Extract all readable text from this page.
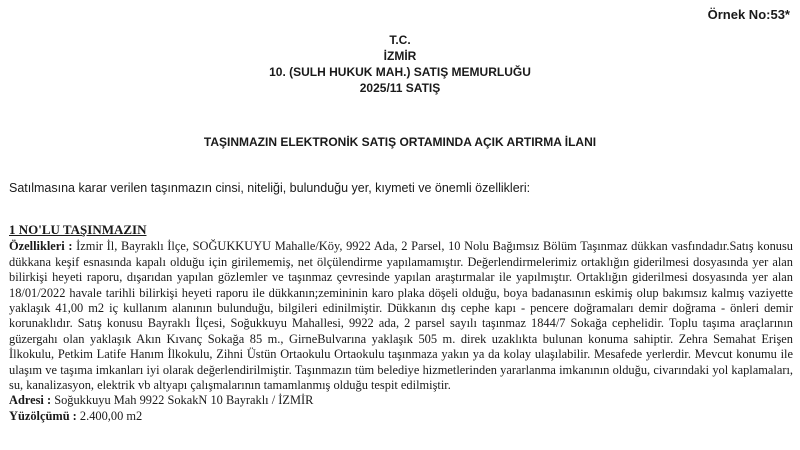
Örnek No:53*
T.C.
İZMİR
10. (SULH HUKUK MAH.) SATIŞ MEMURLUĞU
2025/11 SATIŞ
TAŞINMAZIN ELEKTRONİK SATIŞ ORTAMINDA AÇIK ARTIRMA İLANI
Satılmasına karar verilen taşınmazın cinsi, niteliği, bulunduğu yer, kıymeti ve önemli özellikleri:
1 NO'LU TAŞINMAZIN

Özellikleri : İzmir İl, Bayraklı İlçe, SOĞUKKUYU Mahalle/Köy, 9922 Ada, 2 Parsel, 10 Nolu Bağımsız Bölüm Taşınmaz dükkan vasfındadır.Satış konusu dükkana keşif esnasında kapalı olduğu için girilememiş, net ölçülendirme yapılamamıştır. Değerlendirmelerimiz ortaklığın giderilmesi dosyasında yer alan bilirkişi heyeti raporu, dışarıdan yapılan gözlemler ve taşınmaz çevresinde yapılan araştırmalar ile yapılmıştır. Ortaklığın giderilmesi dosyasında yer alan 18/01/2022 havale tarihli bilirkişi heyeti raporu ile dükkanın;zemininin karo plaka döşeli olduğu, boya badanasının eskimiş olup bakımsız kalmış vaziyette yaklaşık 41,00 m2 iç kullanım alanının bulunduğu, bilgileri edinilmiştir. Dükkanın dış cephe kapı - pencere doğramaları demir doğrama - önleri demir korunaklıdır. Satış konusu Bayraklı İlçesi, Soğukkuyu Mahallesi, 9922 ada, 2 parsel sayılı taşınmaz 1844/7 Sokağa cephelidir. Toplu taşıma araçlarının güzergahı olan yaklaşık Akın Kıvanç Sokağa 85 m., GirneBulvarına yaklaşık 505 m. direk uzaklıkta bulunan konuma sahiptir. Zehra Semahat Erişen İlkokulu, Petkim Latife Hanım İlkokulu, Zihni Üstün Ortaokulu Ortaokulu taşınmaza yakın ya da kolay ulaşılabilir. Mesafede yerlerdir. Mevcut konumu ile ulaşım ve taşıma imkanları iyi olarak değerlendirilmiştir. Taşınmazın tüm belediye hizmetlerinden yararlanma imkanının olduğu, civarındaki yol kaplamaları, su, kanalizasyon, elektrik vb altyapı çalışmalarının tamamlanmış olduğu tespit edilmiştir.

Adresi : Soğukkuyu Mah 9922 SokakN 10 Bayraklı / İZMİR

Yüzölçümü : 2.400,00 m2
